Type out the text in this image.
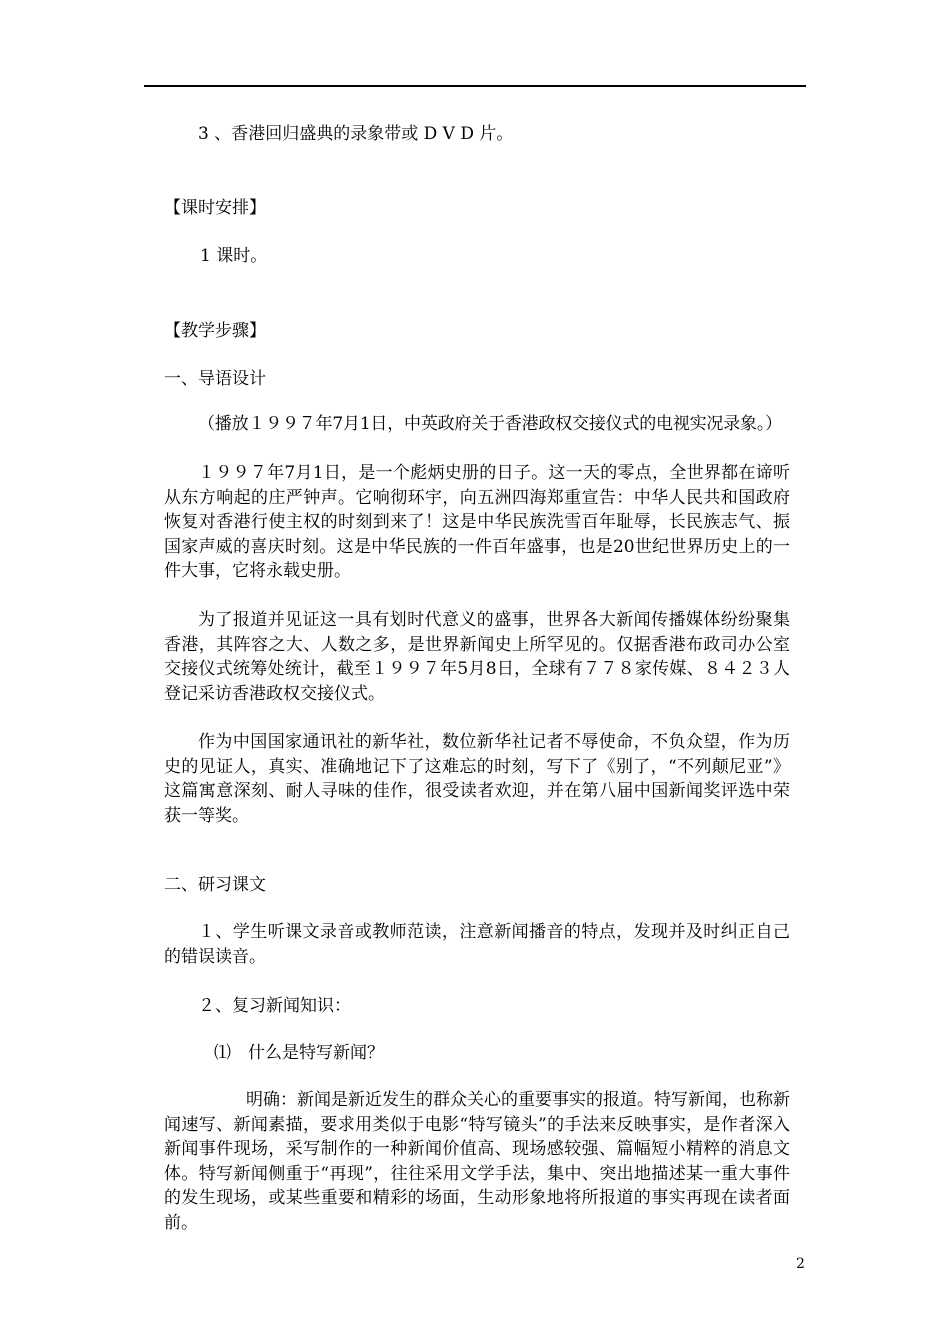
3 、香港回归盛典的录象带或 D V D 片。
【课时安排】
1 课时。
【教学步骤】
一、导语设计
（播放１９９７年7月1日，中英政府关于香港政权交接仪式的电视实况录象。）
１９９７年7月1日，是一个彪炳史册的日子。这一天的零点，全世界都在谛听从东方响起的庄严钟声。它响彻环宇，向五洲四海郑重宣告：中华人民共和国政府恢复对香港行使主权的时刻到来了！这是中华民族洗雪百年耻辱，长民族志气、振国家声威的喜庆时刻。这是中华民族的一件百年盛事，也是20世纪世界历史上的一件大事，它将永载史册。
为了报道并见证这一具有划时代意义的盛事，世界各大新闻传播媒体纷纷聚集香港，其阵容之大、人数之多，是世界新闻史上所罕见的。仅据香港布政司办公室交接仪式统筹处统计，截至１９９７年5月8日，全球有７７８家传媒、８４２３人登记采访香港政权交接仪式。
作为中国国家通讯社的新华社，数位新华社记者不辱使命，不负众望，作为历史的见证人，真实、准确地记下了这难忘的时刻，写下了《别了，“不列颠尼亚”》这篇寓意深刻、耐人寻味的佳作，很受读者欢迎，并在第八届中国新闻奖评选中荣获一等奖。
二、研习课文
１、学生听课文录音或教师范读，注意新闻播音的特点，发现并及时纠正自己的错误读音。
２、复习新闻知识：
⑴　什么是特写新闻？
明确：新闻是新近发生的群众关心的重要事实的报道。特写新闻，也称新闻速写、新闻素描，要求用类似于电影“特写镜头”的手法来反映事实，是作者深入新闻事件现场，采写制作的一种新闻价值高、现场感较强、篇幅短小精粹的消息文体。特写新闻侧重于“再现”，往往采用文学手法，集中、突出地描述某一重大事件的发生现场，或某些重要和精彩的场面，生动形象地将所报道的事实再现在读者面前。
2
